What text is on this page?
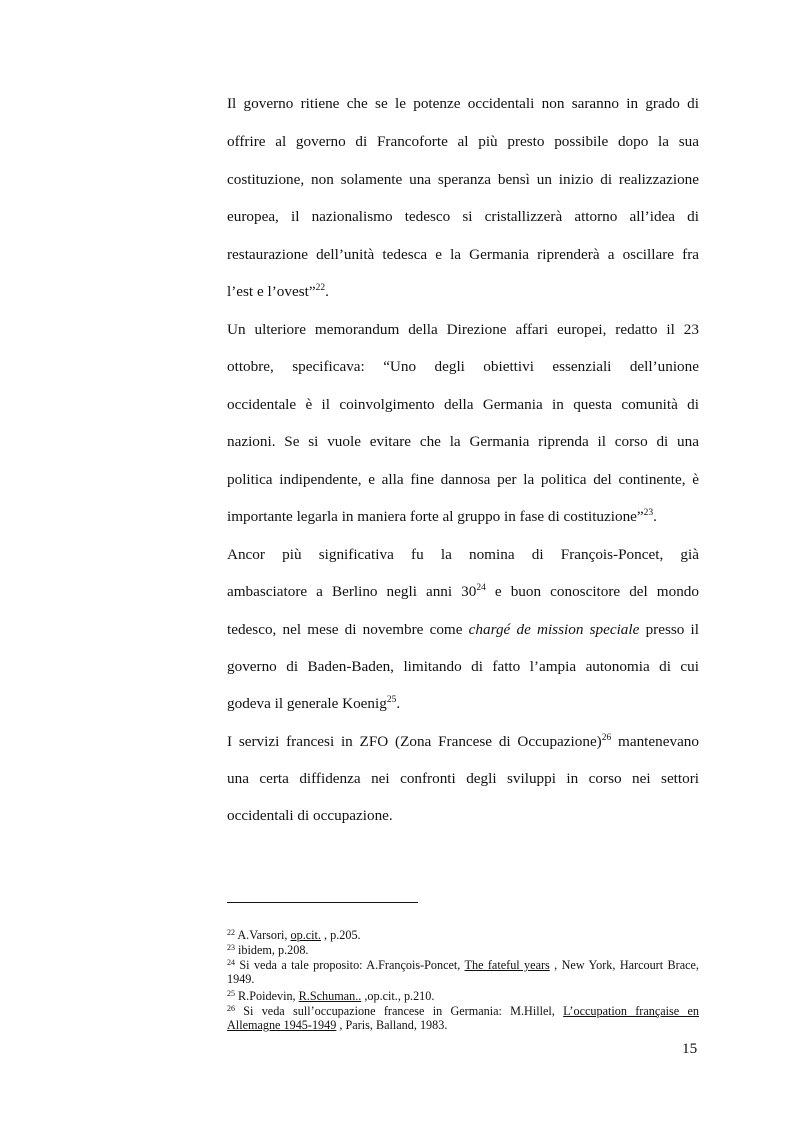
Il governo ritiene che se le potenze occidentali non saranno in grado di
offrire al governo di Francoforte al più presto possibile dopo la sua
costituzione, non solamente una speranza bensì un inizio di realizzazione
europea, il nazionalismo tedesco si cristallizzerà attorno all’idea di
restaurazione dell’unità tedesca e la Germania riprenderà a oscillare fra
l’est e l’ovest”$^{22}$.
Un ulteriore memorandum della Direzione affari europei, redatto il 23
ottobre, specificava: “Uno degli obiettivi essenziali dell’unione
occidentale è il coinvolgimento della Germania in questa comunità di
nazioni. Se si vuole evitare che la Germania riprenda il corso di una
politica indipendente, e alla fine dannosa per la politica del continente, è
importante legarla in maniera forte al gruppo in fase di costituzione”$^{23}$.
Ancor più significativa fu la nomina di François-Poncet, già
ambasciatore a Berlino negli anni $30^{24}$ e buon conoscitore del mondo
tedesco, nel mese di novembre come chargé de mission speciale presso il
governo di Baden-Baden, limitando di fatto l’ampia autonomia di cui
godeva il generale Koenig$^{25}$.
I servizi francesi in ZFO (Zona Francese di Occupazione)$^{26}$ mantenevano
una certa diffidenza nei confronti degli sviluppi in corso nei settori
occidentali di occupazione.
$^{22}$ A.Varsori, op.cit. , p.205.
$^{23}$ ibidem, p.208.
$^{24}$ Si veda a tale proposito: A.François-Poncet, The fateful years , New York, Harcourt Brace, 1949.
$^{25}$ R.Poidevin, R.Schuman.. ,op.cit., p.210.
$^{26}$ Si veda sull’occupazione francese in Germania: M.Hillel, L’occupation française en Allemagne 1945-1949 , Paris, Balland, 1983.
15
